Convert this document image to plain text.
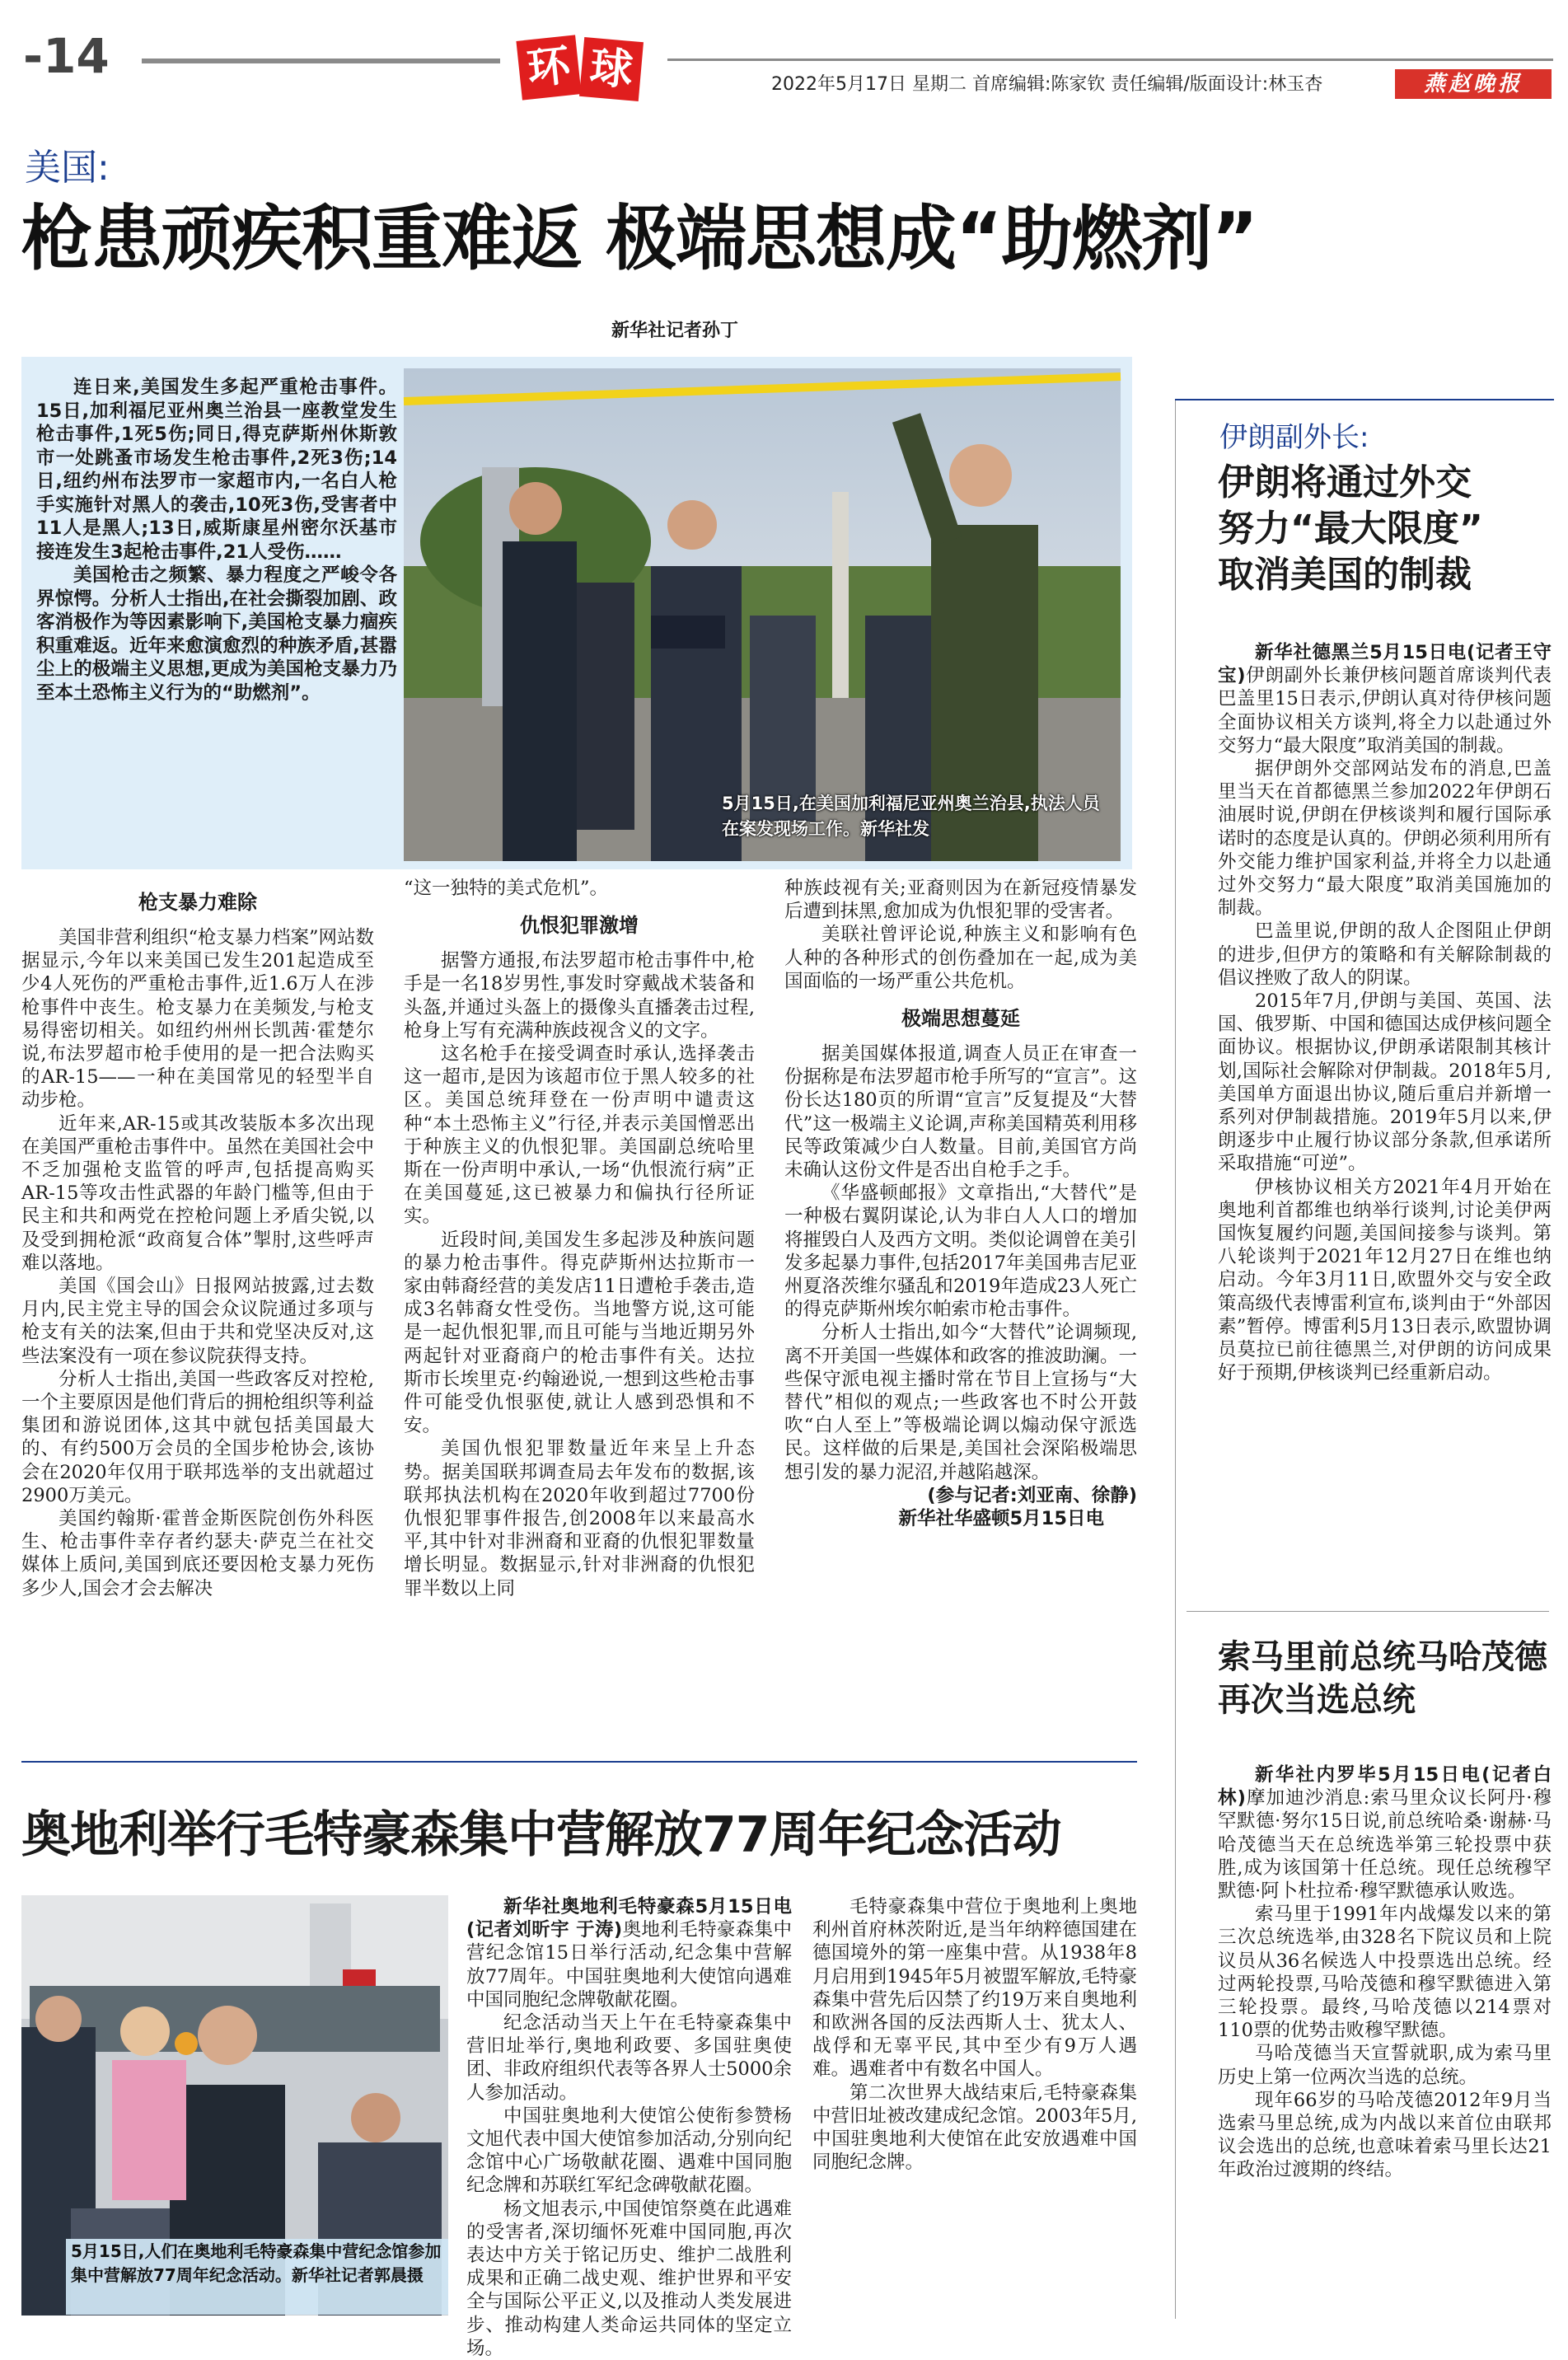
-14	环 球	2022年5月17日 星期二 首席编辑:陈家钦 责任编辑/版面设计:林玉杏	燕赵晚报
美国:
枪患顽疾积重难返 极端思想成“助燃剂”
新华社记者孙丁

连日来,美国发生多起严重枪击事件。15日,加利福尼亚州奥兰治县一座教堂发生枪击事件,1死5伤;同日,得克萨斯州休斯敦市一处跳蚤市场发生枪击事件,2死3伤;14日,纽约州布法罗市一家超市内,一名白人枪手实施针对黑人的袭击,10死3伤,受害者中11人是黑人;13日,威斯康星州密尔沃基市接连发生3起枪击事件,21人受伤……

美国枪击之频繁、暴力程度之严峻令各界惊愕。分析人士指出,在社会撕裂加剧、政客消极作为等因素影响下,美国枪支暴力痼疾积重难返。近年来愈演愈烈的种族矛盾,甚嚣尘上的极端主义思想,更成为美国枪支暴力乃至本土恐怖主义行为的“助燃剂”。

5月15日,在美国加利福尼亚州奥兰治县,执法人员在案发现场工作。新华社发
枪支暴力难除

美国非营利组织“枪支暴力档案”网站数据显示,今年以来美国已发生201起造成至少4人死伤的严重枪击事件,近1.6万人在涉枪事件中丧生。枪支暴力在美频发,与枪支易得密切相关。如纽约州州长凯茜·霍楚尔说,布法罗超市枪手使用的是一把合法购买的AR-15——一种在美国常见的轻型半自动步枪。

近年来,AR-15或其改装版本多次出现在美国严重枪击事件中。虽然在美国社会中不乏加强枪支监管的呼声,包括提高购买AR-15等攻击性武器的年龄门槛等,但由于民主和共和两党在控枪问题上矛盾尖锐,以及受到拥枪派“政商复合体”掣肘,这些呼声难以落地。

美国《国会山》日报网站披露,过去数月内,民主党主导的国会众议院通过多项与枪支有关的法案,但由于共和党坚决反对,这些法案没有一项在参议院获得支持。

分析人士指出,美国一些政客反对控枪,一个主要原因是他们背后的拥枪组织等利益集团和游说团体,这其中就包括美国最大的、有约500万会员的全国步枪协会,该协会在2020年仅用于联邦选举的支出就超过2900万美元。

美国约翰斯·霍普金斯医院创伤外科医生、枪击事件幸存者约瑟夫·萨克兰在社交媒体上质问,美国到底还要因枪支暴力死伤多少人,国会才会去解决

“这一独特的美式危机”。

仇恨犯罪激增

据警方通报,布法罗超市枪击事件中,枪手是一名18岁男性,事发时穿戴战术装备和头盔,并通过头盔上的摄像头直播袭击过程,枪身上写有充满种族歧视含义的文字。

这名枪手在接受调查时承认,选择袭击这一超市,是因为该超市位于黑人较多的社区。美国总统拜登在一份声明中谴责这种“本土恐怖主义”行径,并表示美国憎恶出于种族主义的仇恨犯罪。美国副总统哈里斯在一份声明中承认,一场“仇恨流行病”正在美国蔓延,这已被暴力和偏执行径所证实。

近段时间,美国发生多起涉及种族问题的暴力枪击事件。得克萨斯州达拉斯市一家由韩裔经营的美发店11日遭枪手袭击,造成3名韩裔女性受伤。当地警方说,这可能是一起仇恨犯罪,而且可能与当地近期另外两起针对亚裔商户的枪击事件有关。达拉斯市长埃里克·约翰逊说,一想到这些枪击事件可能受仇恨驱使,就让人感到恐惧和不安。

美国仇恨犯罪数量近年来呈上升态势。据美国联邦调查局去年发布的数据,该联邦执法机构在2020年收到超过7700份仇恨犯罪事件报告,创2008年以来最高水平,其中针对非洲裔和亚裔的仇恨犯罪数量增长明显。数据显示,针对非洲裔的仇恨犯罪半数以上同

种族歧视有关;亚裔则因为在新冠疫情暴发后遭到抹黑,愈加成为仇恨犯罪的受害者。

美联社曾评论说,种族主义和影响有色人种的各种形式的创伤叠加在一起,成为美国面临的一场严重公共危机。

极端思想蔓延

据美国媒体报道,调查人员正在审查一份据称是布法罗超市枪手所写的“宣言”。这份长达180页的所谓“宣言”反复提及“大替代”这一极端主义论调,声称美国精英利用移民等政策减少白人数量。目前,美国官方尚未确认这份文件是否出自枪手之手。

《华盛顿邮报》文章指出,“大替代”是一种极右翼阴谋论,认为非白人人口的增加将摧毁白人及西方文明。类似论调曾在美引发多起暴力事件,包括2017年美国弗吉尼亚州夏洛茨维尔骚乱和2019年造成23人死亡的得克萨斯州埃尔帕索市枪击事件。

分析人士指出,如今“大替代”论调频现,离不开美国一些媒体和政客的推波助澜。一些保守派电视主播时常在节目上宣扬与“大替代”相似的观点;一些政客也不时公开鼓吹“白人至上”等极端论调以煽动保守派选民。这样做的后果是,美国社会深陷极端思想引发的暴力泥沼,并越陷越深。

(参与记者:刘亚南、徐静)

新华社华盛顿5月15日电

伊朗副外长:
伊朗将通过外交
努力“最大限度”
取消美国的制裁

新华社德黑兰5月15日电(记者王守宝)伊朗副外长兼伊核问题首席谈判代表巴盖里15日表示,伊朗认真对待伊核问题全面协议相关方谈判,将全力以赴通过外交努力“最大限度”取消美国的制裁。

据伊朗外交部网站发布的消息,巴盖里当天在首都德黑兰参加2022年伊朗石油展时说,伊朗在伊核谈判和履行国际承诺时的态度是认真的。伊朗必须利用所有外交能力维护国家利益,并将全力以赴通过外交努力“最大限度”取消美国施加的制裁。

巴盖里说,伊朗的敌人企图阻止伊朗的进步,但伊方的策略和有关解除制裁的倡议挫败了敌人的阴谋。

2015年7月,伊朗与美国、英国、法国、俄罗斯、中国和德国达成伊核问题全面协议。根据协议,伊朗承诺限制其核计划,国际社会解除对伊制裁。2018年5月,美国单方面退出协议,随后重启并新增一系列对伊制裁措施。2019年5月以来,伊朗逐步中止履行协议部分条款,但承诺所采取措施“可逆”。

伊核协议相关方2021年4月开始在奥地利首都维也纳举行谈判,讨论美伊两国恢复履约问题,美国间接参与谈判。第八轮谈判于2021年12月27日在维也纳启动。今年3月11日,欧盟外交与安全政策高级代表博雷利宣布,谈判由于“外部因素”暂停。博雷利5月13日表示,欧盟协调员莫拉已前往德黑兰,对伊朗的访问成果好于预期,伊核谈判已经重新启动。

索马里前总统马哈茂德
再次当选总统

新华社内罗毕5月15日电(记者白林)摩加迪沙消息:索马里众议长阿丹·穆罕默德·努尔15日说,前总统哈桑·谢赫·马哈茂德当天在总统选举第三轮投票中获胜,成为该国第十任总统。现任总统穆罕默德·阿卜杜拉希·穆罕默德承认败选。

索马里于1991年内战爆发以来的第三次总统选举,由328名下院议员和上院议员从36名候选人中投票选出总统。经过两轮投票,马哈茂德和穆罕默德进入第三轮投票。最终,马哈茂德以214票对110票的优势击败穆罕默德。

马哈茂德当天宣誓就职,成为索马里历史上第一位两次当选的总统。

现年66岁的马哈茂德2012年9月当选索马里总统,成为内战以来首位由联邦议会选出的总统,也意味着索马里长达21年政治过渡期的终结。

奥地利举行毛特豪森集中营解放77周年纪念活动
5月15日,人们在奥地利毛特豪森集中营纪念馆参加集中营解放77周年纪念活动。新华社记者郭晨摄

新华社奥地利毛特豪森5月15日电(记者刘昕宇 于涛)奥地利毛特豪森集中营纪念馆15日举行活动,纪念集中营解放77周年。中国驻奥地利大使馆向遇难中国同胞纪念牌敬献花圈。

纪念活动当天上午在毛特豪森集中营旧址举行,奥地利政要、多国驻奥使团、非政府组织代表等各界人士5000余人参加活动。

中国驻奥地利大使馆公使衔参赞杨文旭代表中国大使馆参加活动,分别向纪念馆中心广场敬献花圈、遇难中国同胞纪念牌和苏联红军纪念碑敬献花圈。

杨文旭表示,中国使馆祭奠在此遇难的受害者,深切缅怀死难中国同胞,再次表达中方关于铭记历史、维护二战胜利成果和正确二战史观、维护世界和平安全与国际公平正义,以及推动人类发展进步、推动构建人类命运共同体的坚定立场。

毛特豪森集中营位于奥地利上奥地利州首府林茨附近,是当年纳粹德国建在德国境外的第一座集中营。从1938年8月启用到1945年5月被盟军解放,毛特豪森集中营先后囚禁了约19万来自奥地利和欧洲各国的反法西斯人士、犹太人、战俘和无辜平民,其中至少有9万人遇难。遇难者中有数名中国人。

第二次世界大战结束后,毛特豪森集中营旧址被改建成纪念馆。2003年5月,中国驻奥地利大使馆在此安放遇难中国同胞纪念牌。
